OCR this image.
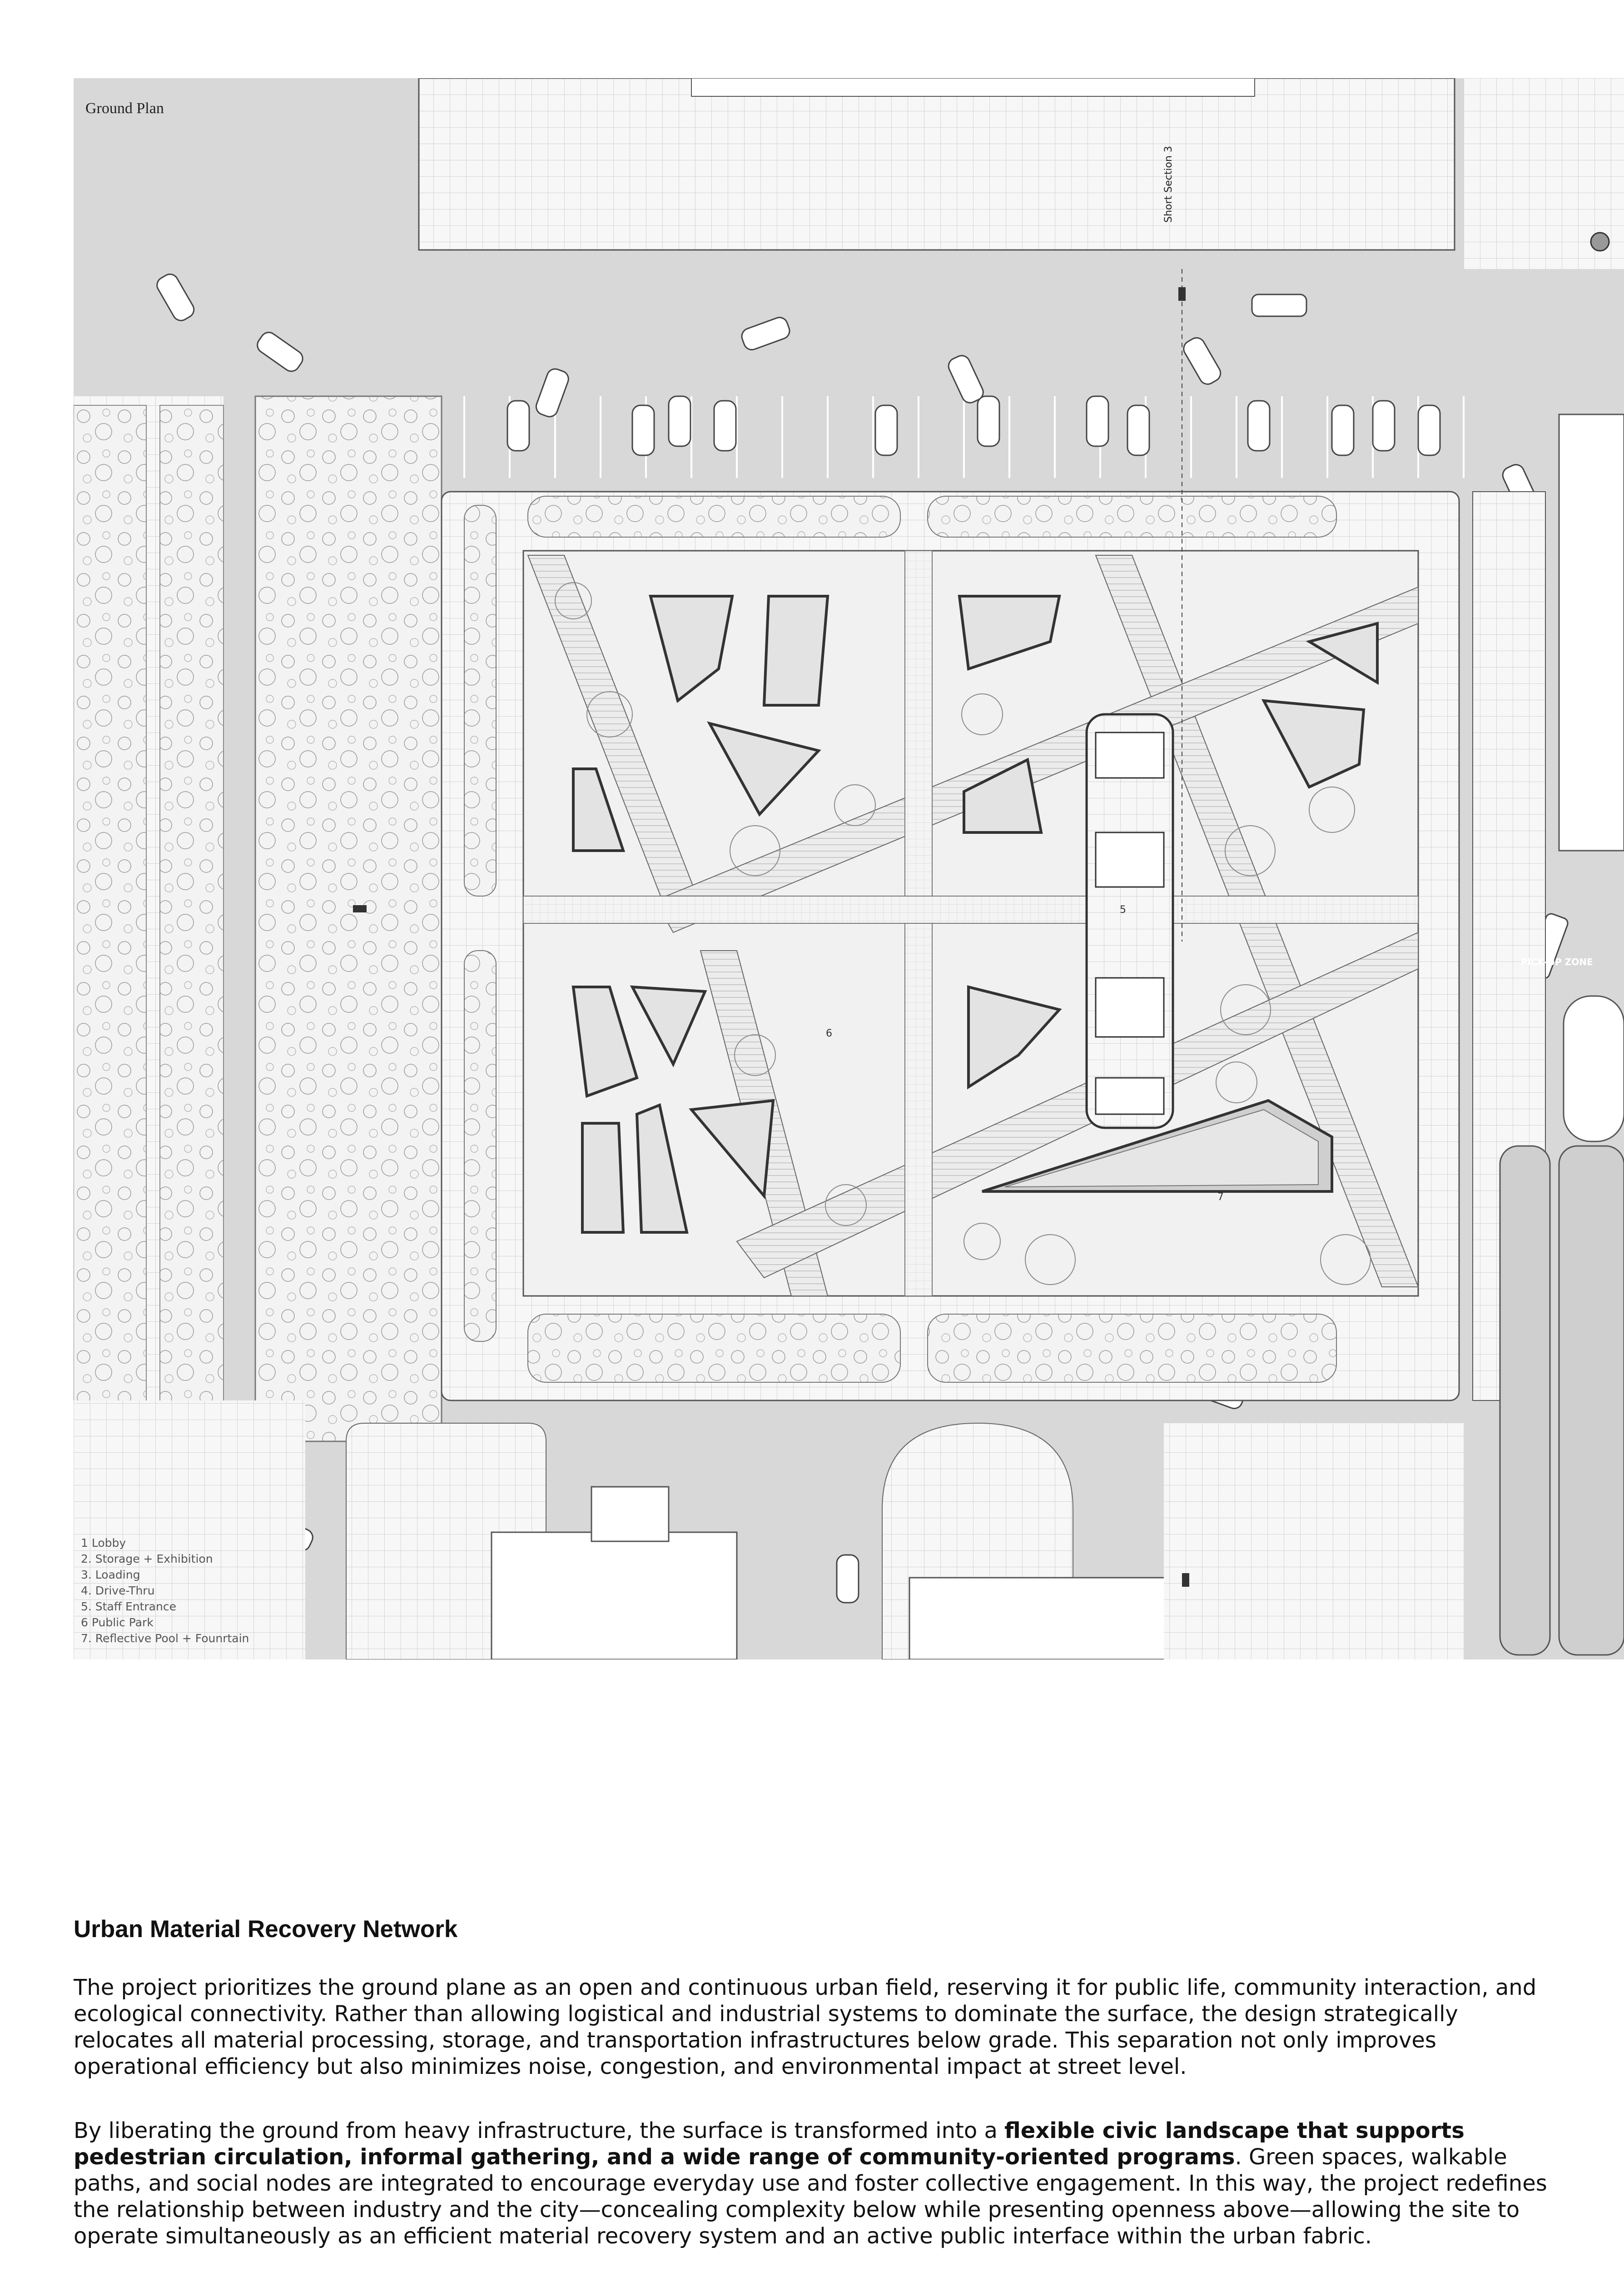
Ground Plan
Short Section 3
5
6
7
PICK-UP ZONE
1 Lobby
2. Storage + Exhibition
3. Loading
4. Drive-Thru
5. Staff Entrance
6 Public Park
7. Reflective Pool + Founrtain
Urban Material Recovery Network

The project prioritizes the ground plane as an open and continuous urban field, reserving it for public life, community interaction, and ecological connectivity. Rather than allowing logistical and industrial systems to dominate the surface, the design strategically relocates all material processing, storage, and transportation infrastructures below grade. This separation not only improves operational efficiency but also minimizes noise, congestion, and environmental impact at street level.

By liberating the ground from heavy infrastructure, the surface is transformed into a flexible civic landscape that supports pedestrian circulation, informal gathering, and a wide range of community-oriented programs. Green spaces, walkable paths, and social nodes are integrated to encourage everyday use and foster collective engagement. In this way, the project redefines the relationship between industry and the city—concealing complexity below while presenting openness above—allowing the site to operate simultaneously as an efficient material recovery system and an active public interface within the urban fabric.
